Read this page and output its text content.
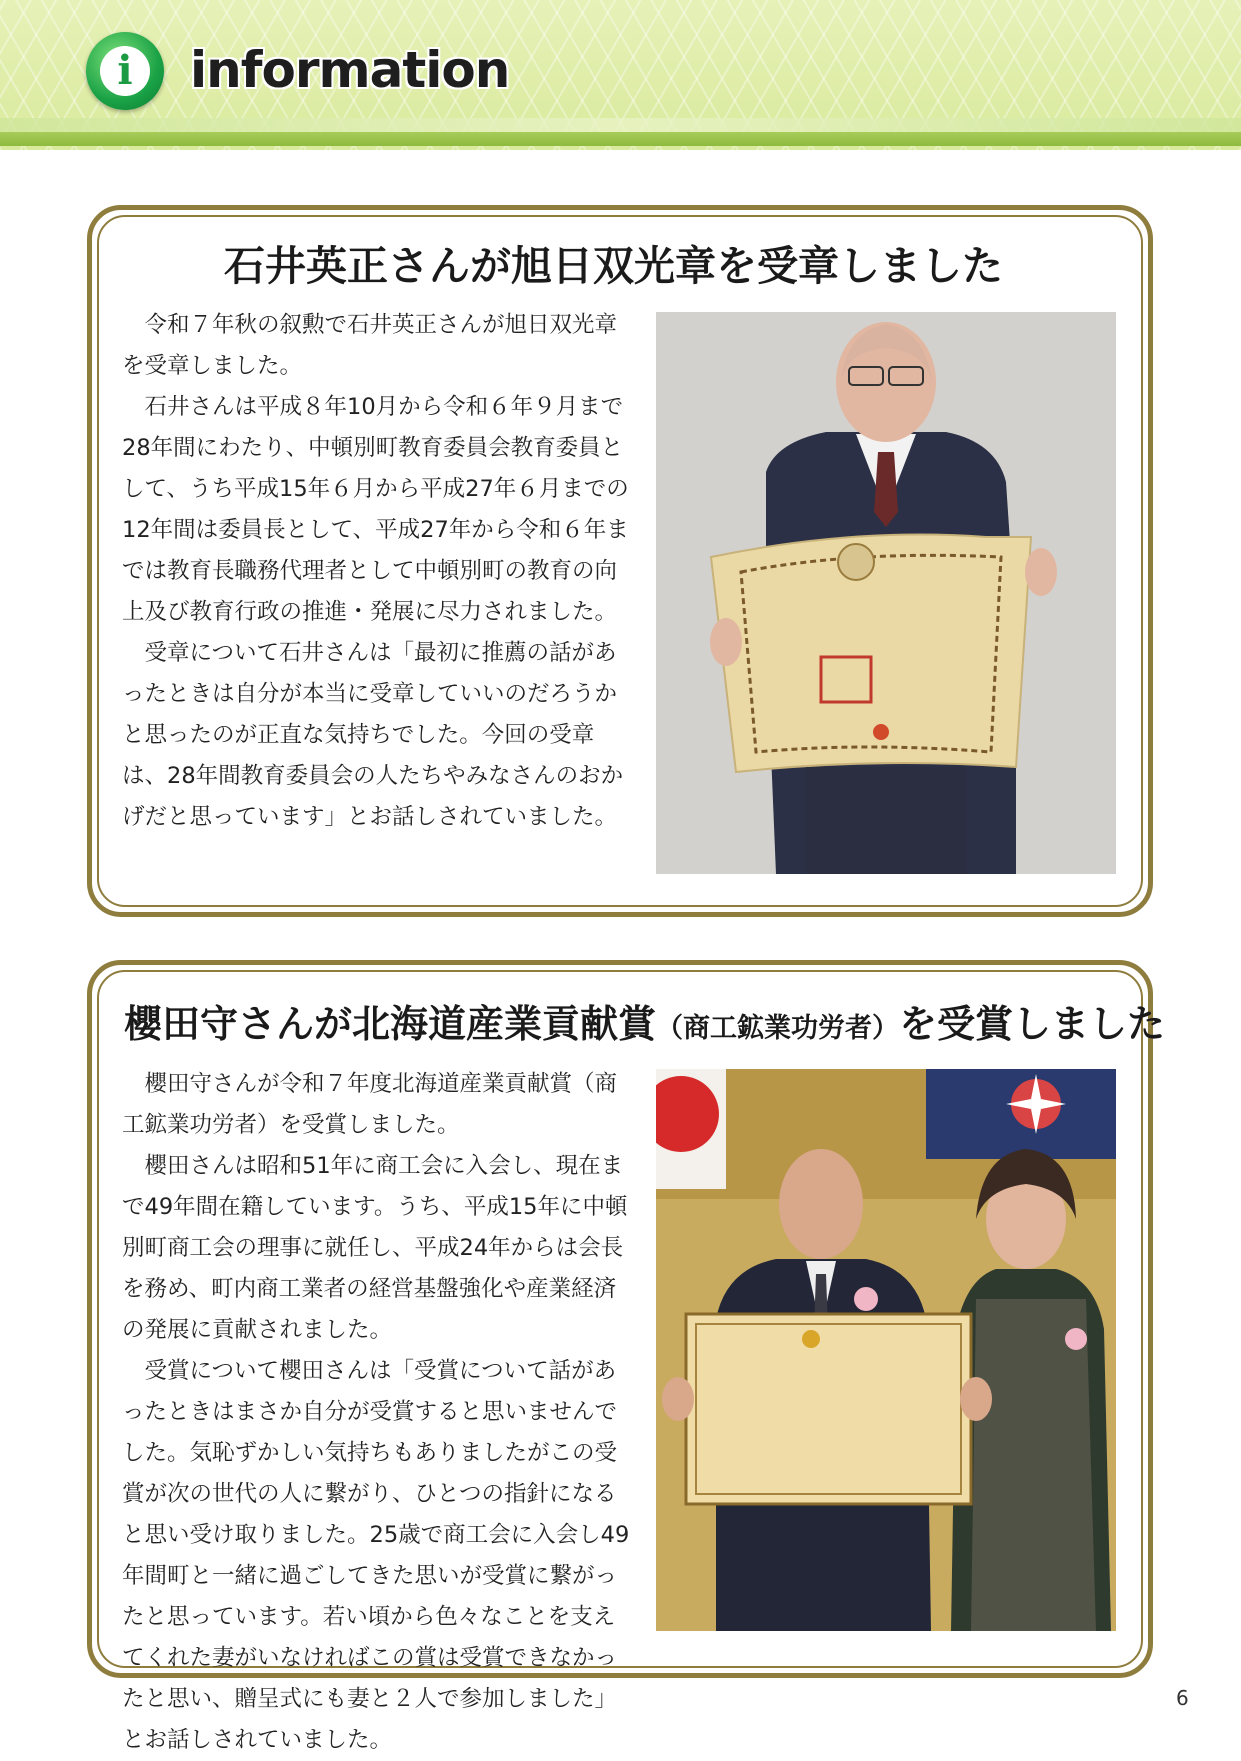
i	information
石井英正さんが旭日双光章を受章しました

令和７年秋の叙勲で石井英正さんが旭日双光章を受章しました。

石井さんは平成８年10月から令和６年９月まで28年間にわたり、中頓別町教育委員会教育委員として、うち平成15年６月から平成27年６月までの12年間は委員長として、平成27年から令和６年までは教育長職務代理者として中頓別町の教育の向上及び教育行政の推進・発展に尽力されました。

受章について石井さんは「最初に推薦の話があったときは自分が本当に受章していいのだろうかと思ったのが正直な気持ちでした。今回の受章は、28年間教育委員会の人たちやみなさんのおかげだと思っています」とお話しされていました。

櫻田守さんが北海道産業貢献賞（商工鉱業功労者）を受賞しました

櫻田守さんが令和７年度北海道産業貢献賞（商工鉱業功労者）を受賞しました。

櫻田さんは昭和51年に商工会に入会し、現在まで49年間在籍しています。うち、平成15年に中頓別町商工会の理事に就任し、平成24年からは会長を務め、町内商工業者の経営基盤強化や産業経済の発展に貢献されました。

受賞について櫻田さんは「受賞について話があったときはまさか自分が受賞すると思いませんでした。気恥ずかしい気持ちもありましたがこの受賞が次の世代の人に繋がり、ひとつの指針になると思い受け取りました。25歳で商工会に入会し49年間町と一緒に過ごしてきた思いが受賞に繋がったと思っています。若い頃から色々なことを支えてくれた妻がいなければこの賞は受賞できなかったと思い、贈呈式にも妻と２人で参加しました」とお話しされていました。

6
